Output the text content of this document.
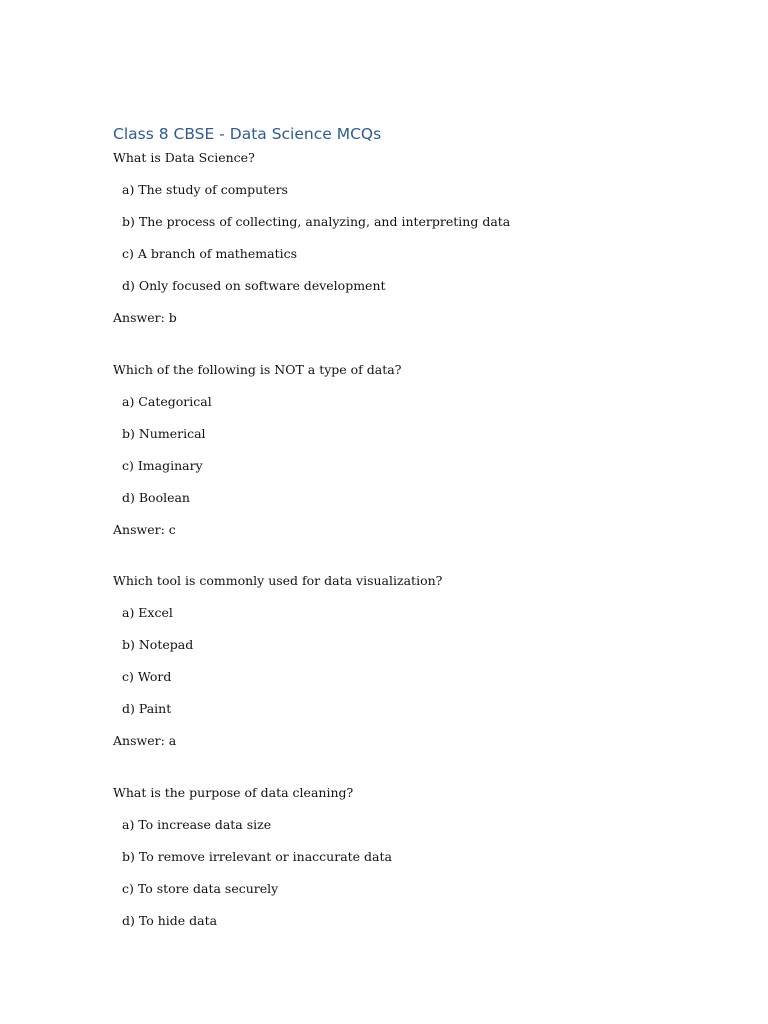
Class 8 CBSE - Data Science MCQs
What is Data Science?
a) The study of computers
b) The process of collecting, analyzing, and interpreting data
c) A branch of mathematics
d) Only focused on software development
Answer: b
Which of the following is NOT a type of data?
a) Categorical
b) Numerical
c) Imaginary
d) Boolean
Answer: c
Which tool is commonly used for data visualization?
a) Excel
b) Notepad
c) Word
d) Paint
Answer: a
What is the purpose of data cleaning?
a) To increase data size
b) To remove irrelevant or inaccurate data
c) To store data securely
d) To hide data
